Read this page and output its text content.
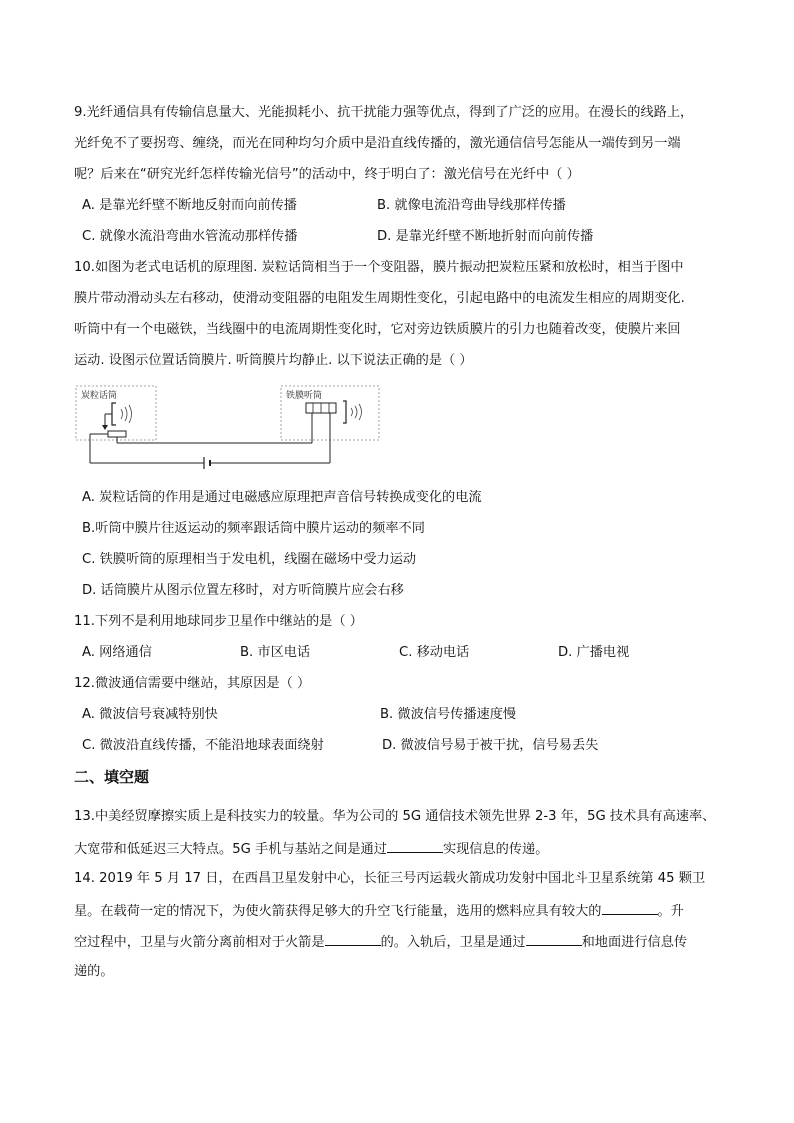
9.光纤通信具有传输信息量大、光能损耗小、抗干扰能力强等优点，得到了广泛的应用。在漫长的线路上，
光纤免不了要拐弯、缠绕，而光在同种均匀介质中是沿直线传播的，激光通信信号怎能从一端传到另一端
呢？后来在“研究光纤怎样传输光信号”的活动中，终于明白了：激光信号在光纤中（ ）
A. 是靠光纤壁不断地反射而向前传播	B. 就像电流沿弯曲导线那样传播
C. 就像水流沿弯曲水管流动那样传播	D. 是靠光纤壁不断地折射而向前传播
10.如图为老式电话机的原理图. 炭粒话筒相当于一个变阻器，膜片振动把炭粒压紧和放松时，相当于图中
膜片带动滑动头左右移动，使滑动变阻器的电阻发生周期性变化，引起电路中的电流发生相应的周期变化.
听筒中有一个电磁铁，当线圈中的电流周期性变化时，它对旁边铁质膜片的引力也随着改变，使膜片来回
运动. 设图示位置话筒膜片. 听筒膜片均静止. 以下说法正确的是（ ）
炭粒话筒	铁膜听筒
A. 炭粒话筒的作用是通过电磁感应原理把声音信号转换成变化的电流
B.听筒中膜片往返运动的频率跟话筒中膜片运动的频率不同
C. 铁膜听筒的原理相当于发电机，线圈在磁场中受力运动
D. 话筒膜片从图示位置左移时，对方听筒膜片应会右移
11.下列不是利用地球同步卫星作中继站的是（ ）
A. 网络通信	B. 市区电话	C. 移动电话	D. 广播电视
12.微波通信需要中继站，其原因是（ ）
A. 微波信号衰减特别快	B. 微波信号传播速度慢
C. 微波沿直线传播，不能沿地球表面绕射	D. 微波信号易于被干扰，信号易丢失
二、填空题
13.中美经贸摩擦实质上是科技实力的较量。华为公司的 5G 通信技术领先世界 2-3 年，5G 技术具有高速率、
大宽带和低延迟三大特点。5G 手机与基站之间是通过	实现信息的传递。
14. 2019 年 5 月 17 日，在西昌卫星发射中心，长征三号丙运载火箭成功发射中国北斗卫星系统第 45 颗卫
星。在载荷一定的情况下，为使火箭获得足够大的升空飞行能量，选用的燃料应具有较大的	。升
空过程中，卫星与火箭分离前相对于火箭是	的。入轨后，卫星是通过	和地面进行信息传
递的。
